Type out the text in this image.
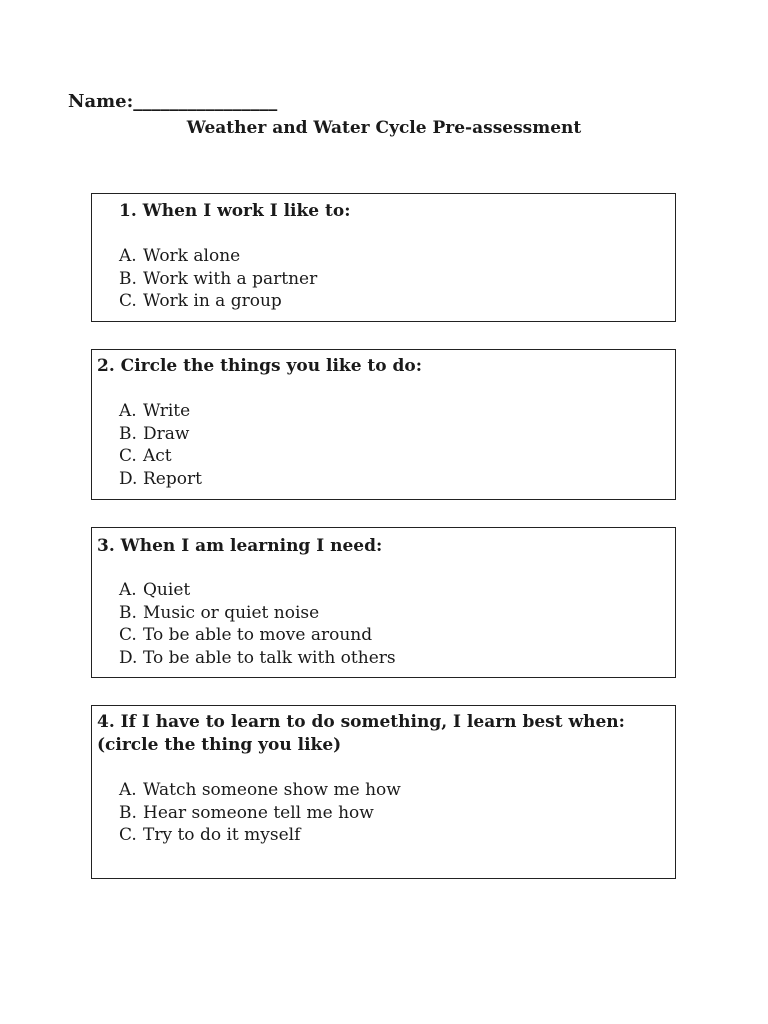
Name:________________
Weather and Water Cycle Pre-assessment
1. When I work I like to:
A. Work alone
B. Work with a partner
C. Work in a group
2. Circle the things you like to do:
A. Write
B. Draw
C. Act
D. Report
3. When I am learning I need:
A. Quiet
B. Music or quiet noise
C. To be able to move around
D. To be able to talk with others
4. If I have to learn to do something, I learn best when: (circle the thing you like)
A. Watch someone show me how
B. Hear someone tell me how
C. Try to do it myself
